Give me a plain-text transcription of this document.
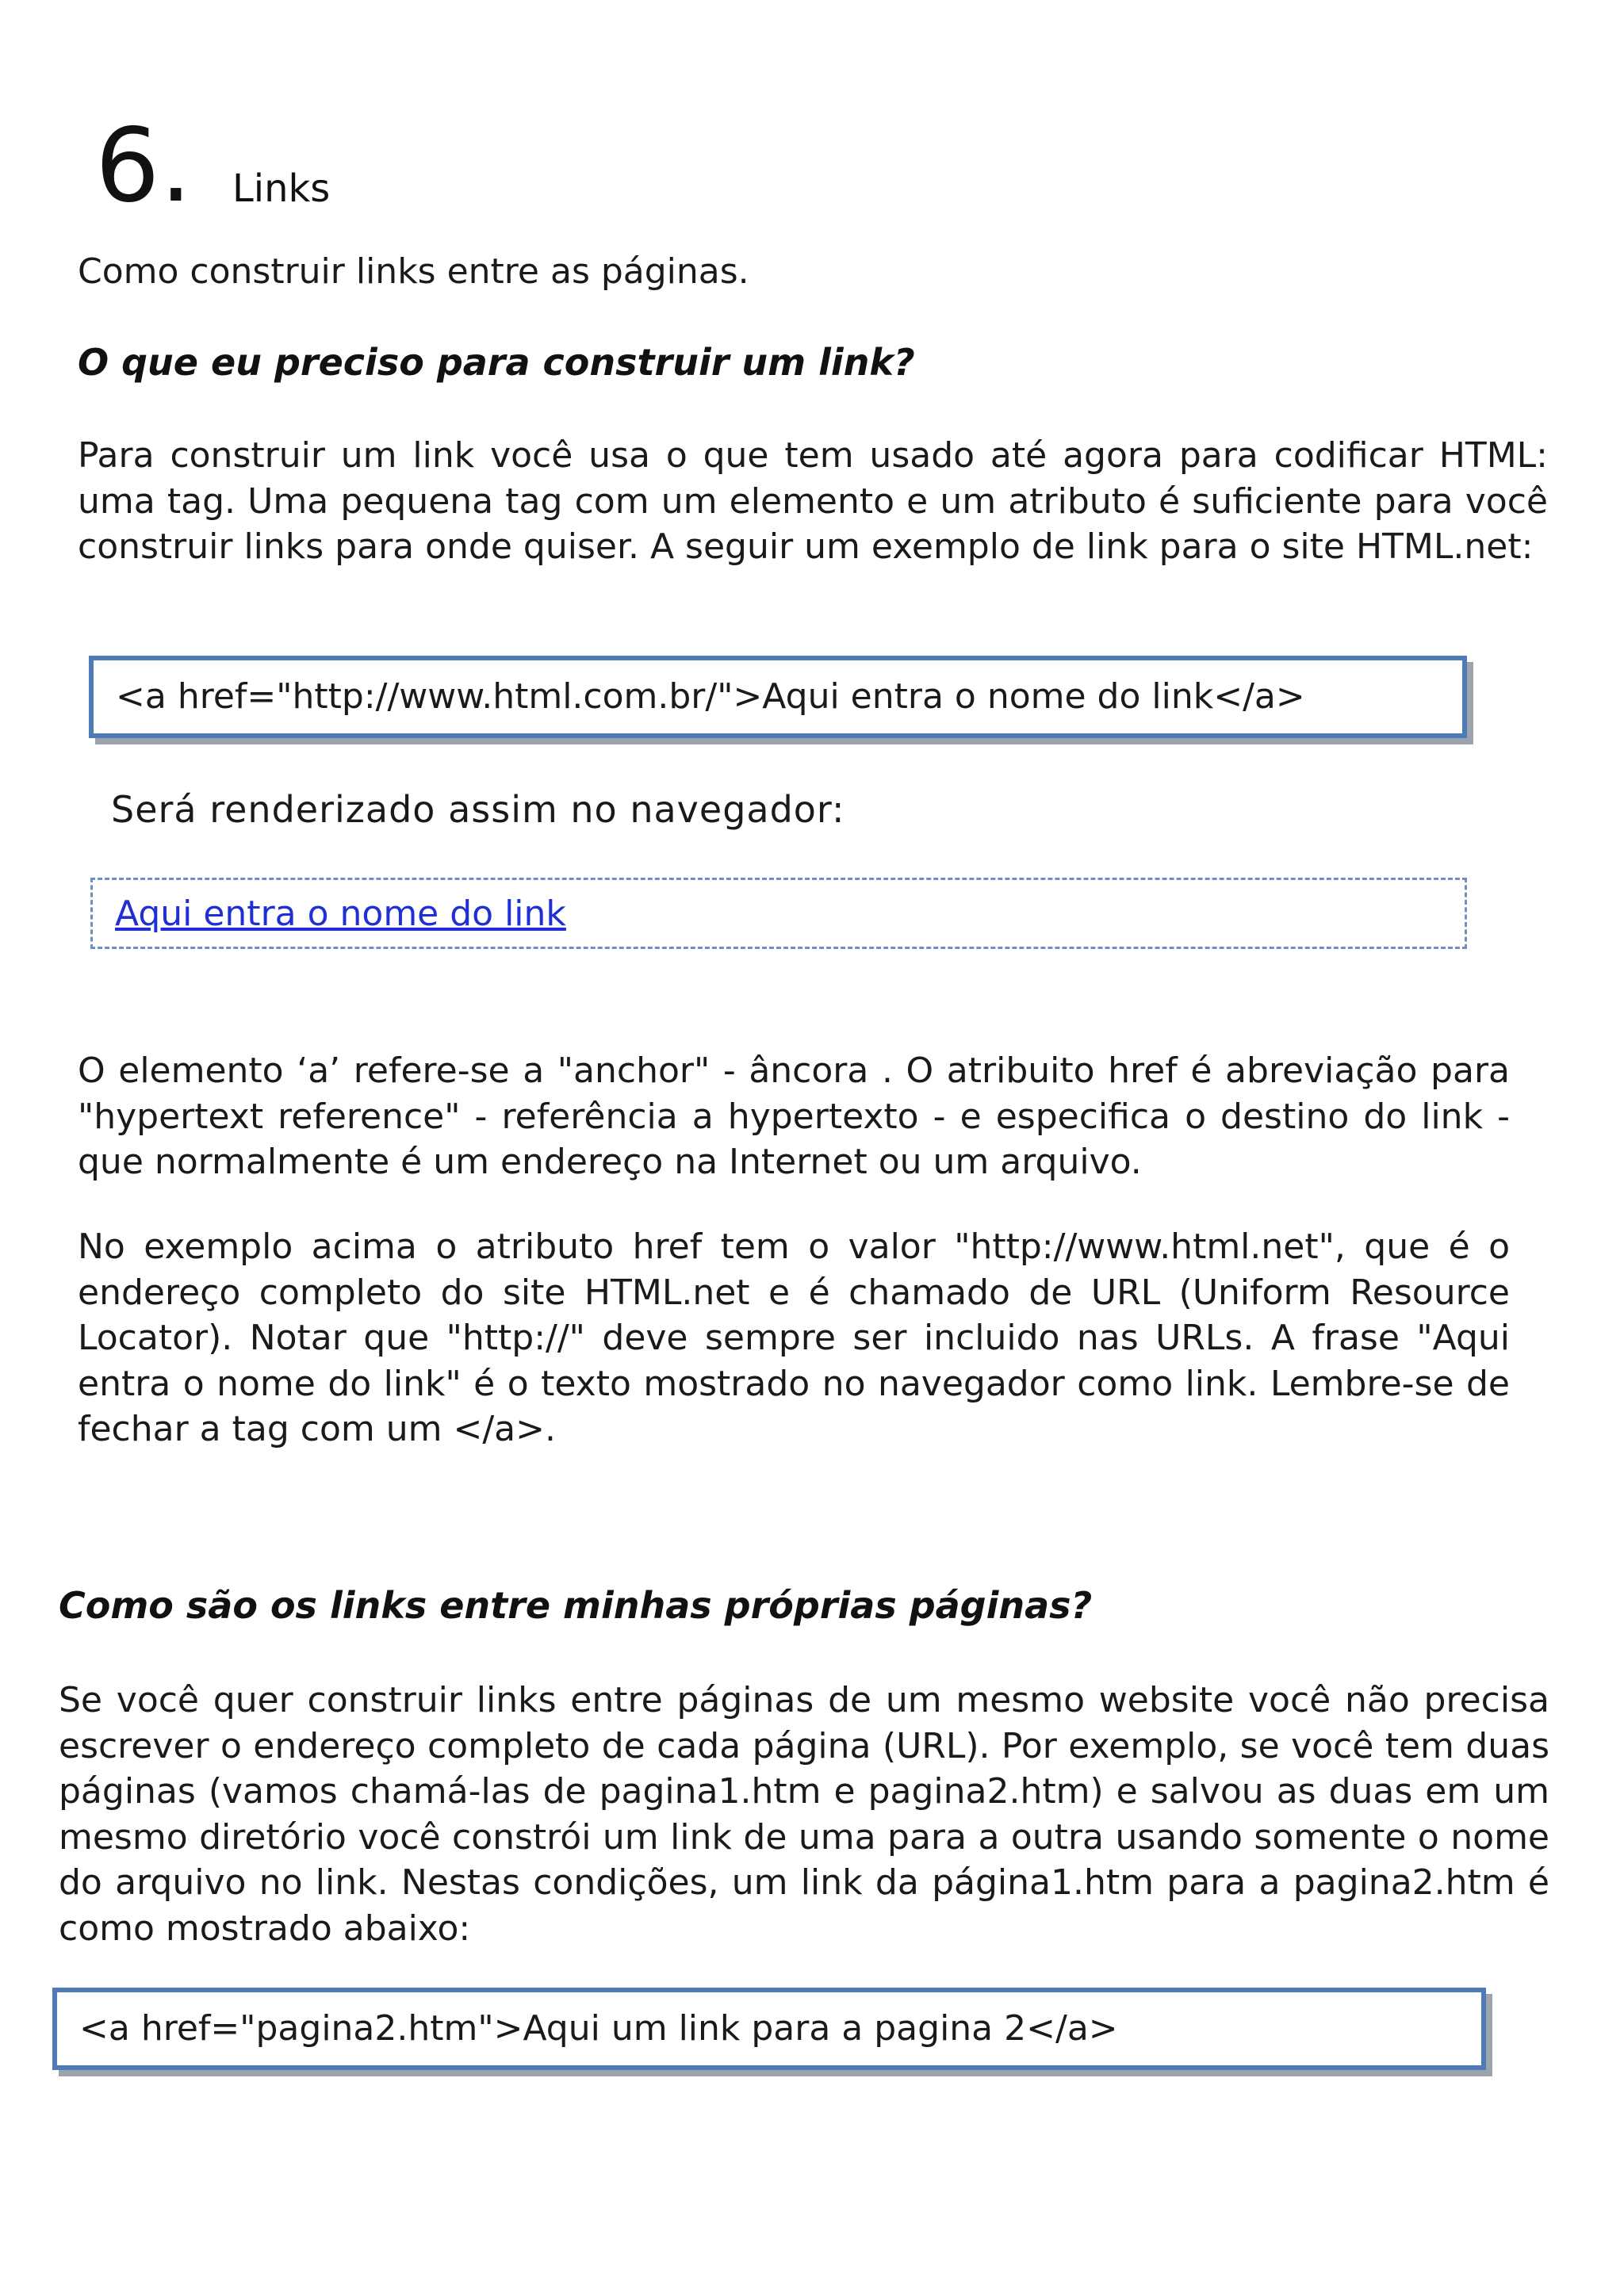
6. Links

Como construir links entre as páginas.

O que eu preciso para construir um link?

Para construir um link você usa o que tem usado até agora para codificar HTML: uma tag. Uma pequena tag com um elemento e um atributo é suficiente para você construir links para onde quiser. A seguir um exemplo de link para o site HTML.net:

<a href="http://www.html.com.br/">Aqui entra o nome do link</a>
Será renderizado assim no navegador:
Aqui entra o nome do link

O elemento ‘a’ refere-se a "anchor" - âncora . O atribuito href é abreviação para "hypertext reference" - referência a hypertexto - e especifica o destino do link - que normalmente é um endereço na Internet ou um arquivo.

No exemplo acima o atributo href tem o valor "http://www.html.net", que é o endereço completo do site HTML.net e é chamado de URL (Uniform Resource Locator). Notar que "http://" deve sempre ser incluido nas URLs. A frase "Aqui entra o nome do link" é o texto mostrado no navegador como link. Lembre-se de fechar a tag com um </a>.

Como são os links entre minhas próprias páginas?

Se você quer construir links entre páginas de um mesmo website você não precisa escrever o endereço completo de cada página (URL). Por exemplo, se você tem duas páginas (vamos chamá-las de pagina1.htm e pagina2.htm) e salvou as duas em um mesmo diretório você constrói um link de uma para a outra usando somente o nome do arquivo no link. Nestas condições, um link da página1.htm para a pagina2.htm é como mostrado abaixo:

<a href="pagina2.htm">Aqui um link para a pagina 2</a>
